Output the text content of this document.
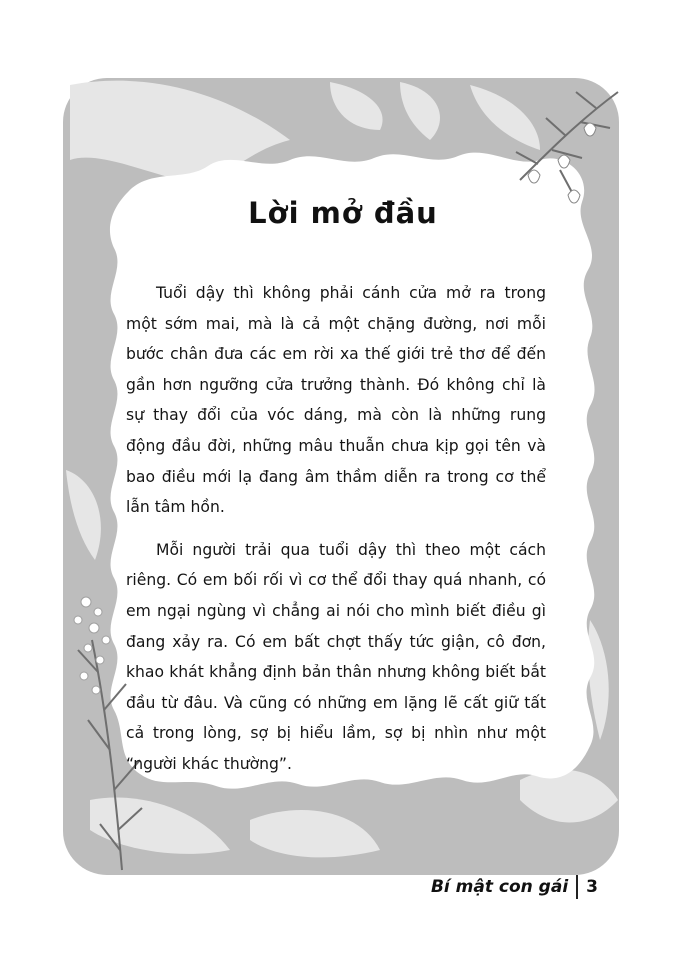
Lời mở đầu

Tuổi dậy thì không phải cánh cửa mở ra trong một sớm mai, mà là cả một chặng đường, nơi mỗi bước chân đưa các em rời xa thế giới trẻ thơ để đến gần hơn ngưỡng cửa trưởng thành. Đó không chỉ là sự thay đổi của vóc dáng, mà còn là những rung động đầu đời, những mâu thuẫn chưa kịp gọi tên và bao điều mới lạ đang âm thầm diễn ra trong cơ thể lẫn tâm hồn.

Mỗi người trải qua tuổi dậy thì theo một cách riêng. Có em bối rối vì cơ thể đổi thay quá nhanh, có em ngại ngùng vì chẳng ai nói cho mình biết điều gì đang xảy ra. Có em bất chợt thấy tức giận, cô đơn, khao khát khẳng định bản thân nhưng không biết bắt đầu từ đâu. Và cũng có những em lặng lẽ cất giữ tất cả trong lòng, sợ bị hiểu lầm, sợ bị nhìn như một “người khác thường”.

Bí mật con gái 3
